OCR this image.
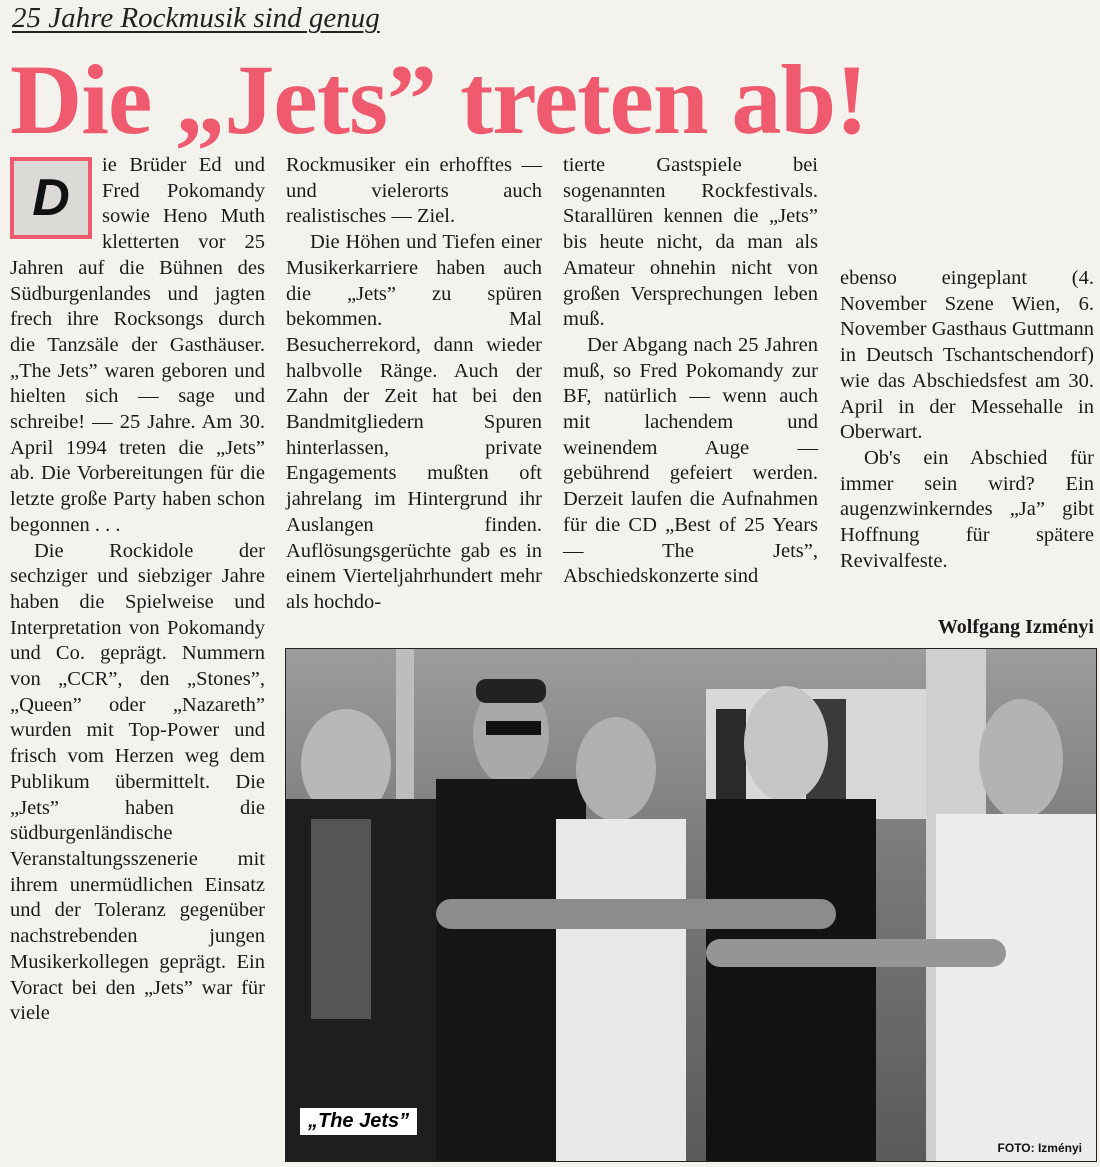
25 Jahre Rockmusik sind genug
Die „Jets” treten ab!
D

ie Brüder Ed und Fred Pokomandy sowie Heno Muth kletterten vor 25 Jahren auf die Bühnen des Südburgenlandes und jagten frech ihre Rocksongs durch die Tanzsäle der Gasthäuser. „The Jets” waren geboren und hielten sich — sage und schreibe! — 25 Jahre. Am 30. April 1994 treten die „Jets” ab. Die Vorbereitungen für die letzte große Party haben schon begonnen . . .

Die Rockidole der sechziger und siebziger Jahre haben die Spielweise und Interpretation von Pokomandy und Co. geprägt. Nummern von „CCR”, den „Stones”, „Queen” oder „Nazareth” wurden mit Top-Power und frisch vom Herzen weg dem Publikum übermittelt. Die „Jets” haben die südburgenländische Veranstaltungsszenerie mit ihrem unermüdlichen Einsatz und der Toleranz gegenüber nachstrebenden jungen Musikerkollegen geprägt. Ein Voract bei den „Jets” war für viele

Rockmusiker ein erhofftes — und vielerorts auch realistisches — Ziel.

Die Höhen und Tiefen einer Musikerkarriere haben auch die „Jets” zu spüren bekommen. Mal Besucherrekord, dann wieder halbvolle Ränge. Auch der Zahn der Zeit hat bei den Bandmitgliedern Spuren hinterlassen, private Engagements mußten oft jahrelang im Hintergrund ihr Auslangen finden. Auflösungsgerüchte gab es in einem Vierteljahrhundert mehr als hochdo-

tierte Gastspiele bei sogenannten Rockfestivals. Starallüren kennen die „Jets” bis heute nicht, da man als Amateur ohnehin nicht von großen Versprechungen leben muß.

Der Abgang nach 25 Jahren muß, so Fred Pokomandy zur BF, natürlich — wenn auch mit lachendem und weinendem Auge — gebührend gefeiert werden. Derzeit laufen die Aufnahmen für die CD „Best of 25 Years — The Jets”, Abschiedskonzerte sind

ebenso eingeplant (4. November Szene Wien, 6. November Gasthaus Guttmann in Deutsch Tschantschendorf) wie das Abschiedsfest am 30. April in der Messehalle in Oberwart.

Ob's ein Abschied für immer sein wird? Ein augenzwinkerndes „Ja” gibt Hoffnung für spätere Revivalfeste.

Wolfgang Izményi

„The Jets”
FOTO: Izményi
